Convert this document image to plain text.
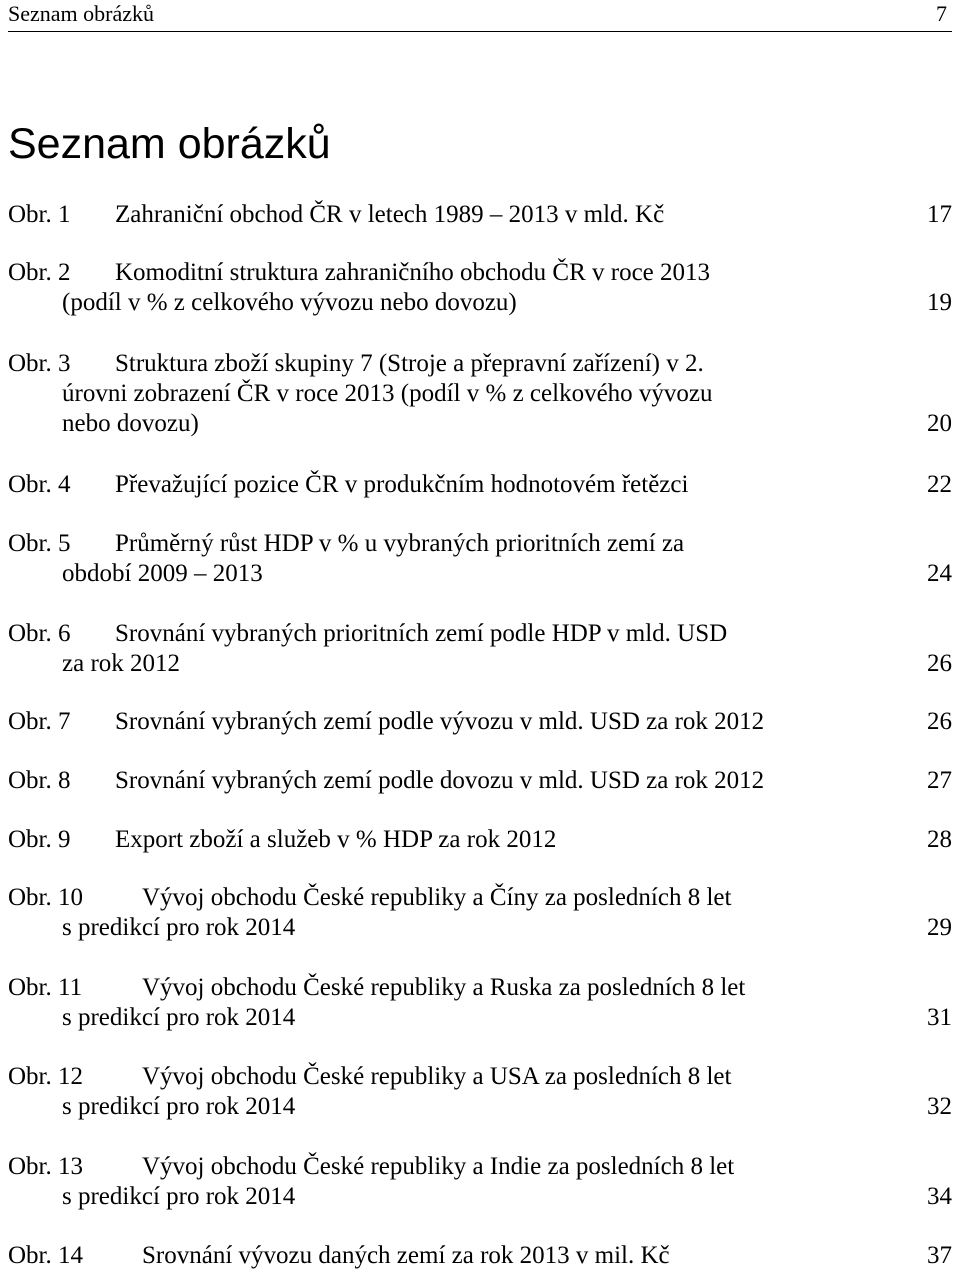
Seznam obrázků	7
Seznam obrázků
Obr. 1 Zahraniční obchod ČR v letech 1989 – 2013 v mld. Kč	17
Obr. 2 Komoditní struktura zahraničního obchodu ČR v roce 2013
(podíl v % z celkového vývozu nebo dovozu)	19
Obr. 3 Struktura zboží skupiny 7 (Stroje a přepravní zařízení) v 2.
úrovni zobrazení ČR v roce 2013 (podíl v % z celkového vývozu
nebo dovozu)	20
Obr. 4 Převažující pozice ČR v produkčním hodnotovém řetězci	22
Obr. 5 Průměrný růst HDP v % u vybraných prioritních zemí za
období 2009 – 2013	24
Obr. 6 Srovnání vybraných prioritních zemí podle HDP v mld. USD
za rok 2012	26
Obr. 7 Srovnání vybraných zemí podle vývozu v mld. USD za rok 2012	26
Obr. 8 Srovnání vybraných zemí podle dovozu v mld. USD za rok 2012	27
Obr. 9 Export zboží a služeb v % HDP za rok 2012	28
Obr. 10 Vývoj obchodu České republiky a Číny za posledních 8 let
s predikcí pro rok 2014	29
Obr. 11 Vývoj obchodu České republiky a Ruska za posledních 8 let
s predikcí pro rok 2014	31
Obr. 12 Vývoj obchodu České republiky a USA za posledních 8 let
s predikcí pro rok 2014	32
Obr. 13 Vývoj obchodu České republiky a Indie za posledních 8 let
s predikcí pro rok 2014	34
Obr. 14 Srovnání vývozu daných zemí za rok 2013 v mil. Kč	37
